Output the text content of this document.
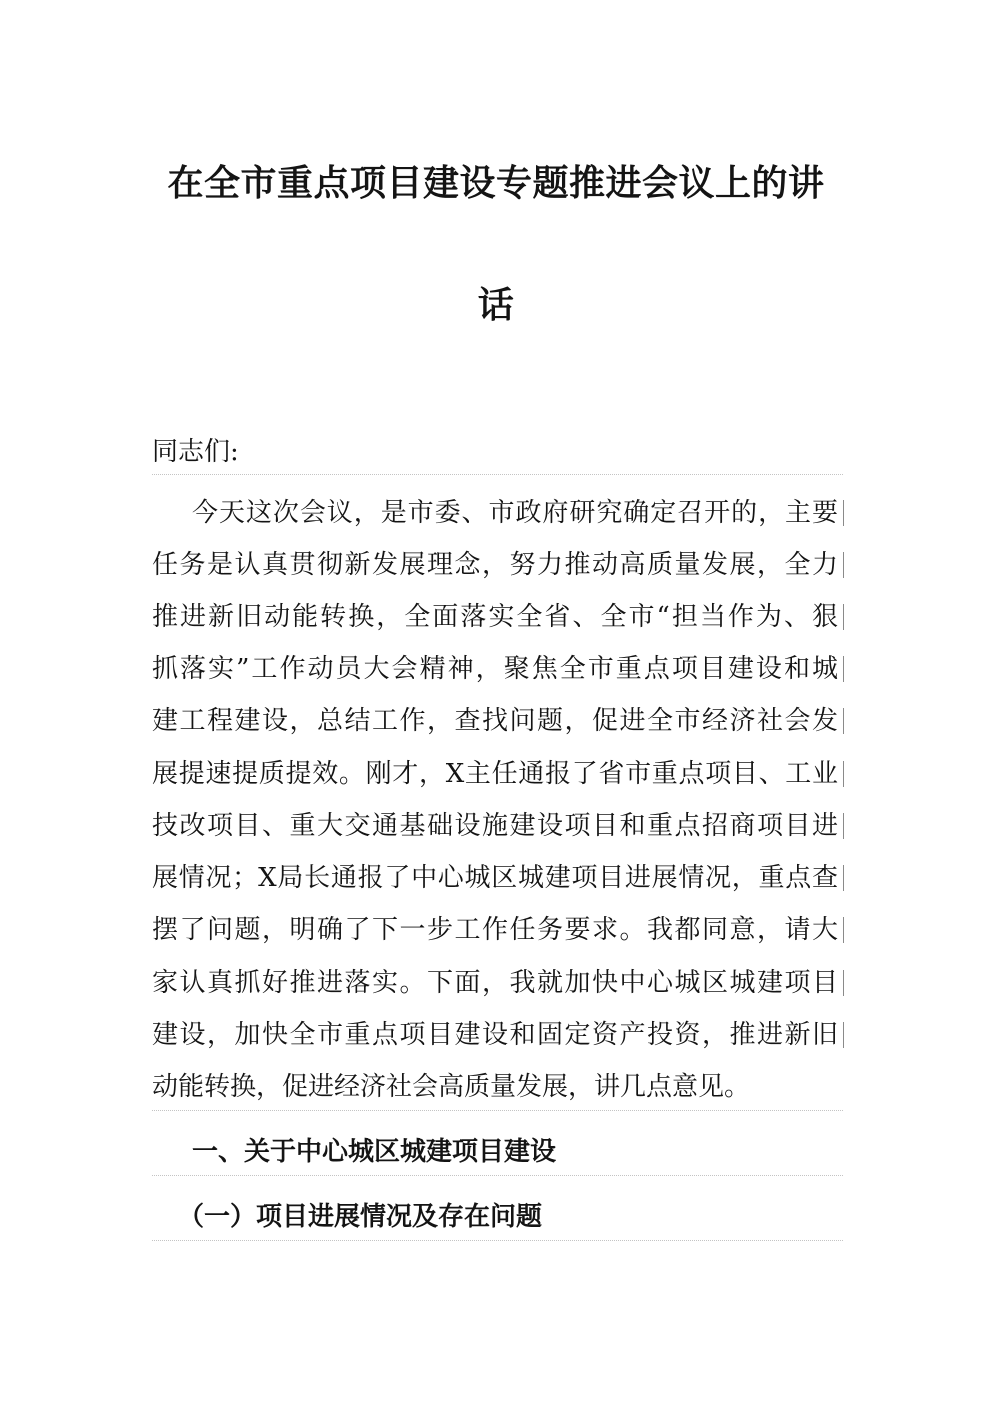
在全市重点项目建设专题推进会议上的讲
话
同志们:
今天这次会议，是市委、市政府研究确定召开的，主要
任务是认真贯彻新发展理念，努力推动高质量发展，全力
推进新旧动能转换，全面落实全省、全市“担当作为、狠
抓落实”工作动员大会精神，聚焦全市重点项目建设和城
建工程建设，总结工作，查找问题，促进全市经济社会发
展提速提质提效。刚才，X主任通报了省市重点项目、工业
技改项目、重大交通基础设施建设项目和重点招商项目进
展情况；X局长通报了中心城区城建项目进展情况，重点查
摆了问题，明确了下一步工作任务要求。我都同意，请大
家认真抓好推进落实。下面，我就加快中心城区城建项目
建设，加快全市重点项目建设和固定资产投资，推进新旧
动能转换，促进经济社会高质量发展，讲几点意见。
一、关于中心城区城建项目建设
（一）项目进展情况及存在问题
